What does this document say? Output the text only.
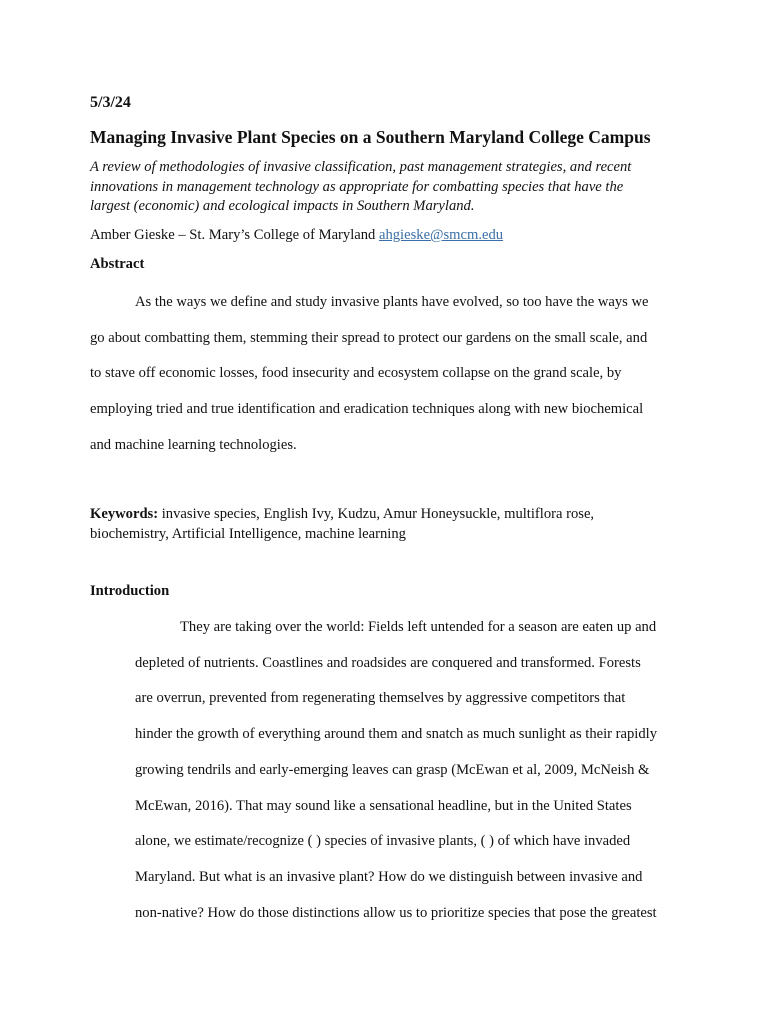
5/3/24
Managing Invasive Plant Species on a Southern Maryland College Campus
A review of methodologies of invasive classification, past management strategies, and recent
innovations in management technology as appropriate for combatting species that have the
largest (economic) and ecological impacts in Southern Maryland.
Amber Gieske – St. Mary’s College of Maryland ahgieske@smcm.edu
Abstract
As the ways we define and study invasive plants have evolved, so too have the ways we
go about combatting them, stemming their spread to protect our gardens on the small scale, and
to stave off economic losses, food insecurity and ecosystem collapse on the grand scale, by
employing tried and true identification and eradication techniques along with new biochemical
and machine learning technologies.
Keywords: invasive species, English Ivy, Kudzu, Amur Honeysuckle, multiflora rose,
biochemistry, Artificial Intelligence, machine learning
Introduction
They are taking over the world: Fields left untended for a season are eaten up and
depleted of nutrients. Coastlines and roadsides are conquered and transformed. Forests
are overrun, prevented from regenerating themselves by aggressive competitors that
hinder the growth of everything around them and snatch as much sunlight as their rapidly
growing tendrils and early-emerging leaves can grasp (McEwan et al, 2009, McNeish &
McEwan, 2016). That may sound like a sensational headline, but in the United States
alone, we estimate/recognize ( ) species of invasive plants, ( ) of which have invaded
Maryland. But what is an invasive plant? How do we distinguish between invasive and
non-native? How do those distinctions allow us to prioritize species that pose the greatest
